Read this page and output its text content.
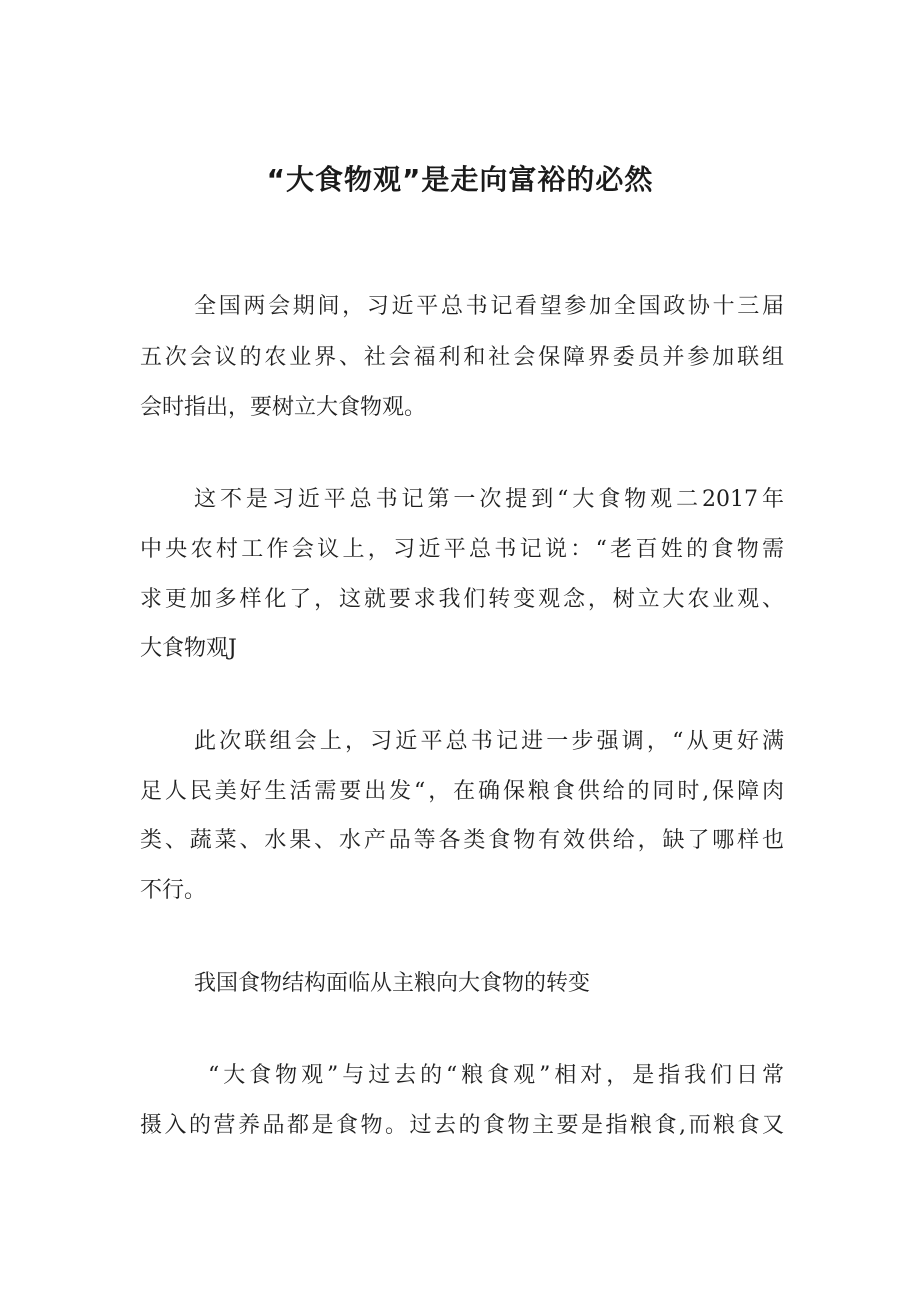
“大食物观”是走向富裕的必然
全国两会期间，习近平总书记看望参加全国政协十三届
五次会议的农业界、社会福利和社会保障界委员并参加联组
会时指出，要树立大食物观。
这不是习近平总书记第一次提到“大食物观二2017年
中央农村工作会议上，习近平总书记说：“老百姓的食物需
求更加多样化了，这就要求我们转变观念，树立大农业观、
大食物观J
此次联组会上，习近平总书记进一步强调，“从更好满
足人民美好生活需要出发“，在确保粮食供给的同时,保障肉
类、蔬菜、水果、水产品等各类食物有效供给，缺了哪样也
不行。
我国食物结构面临从主粮向大食物的转变
“大食物观”与过去的“粮食观”相对，是指我们日常
摄入的营养品都是食物。过去的食物主要是指粮食,而粮食又
